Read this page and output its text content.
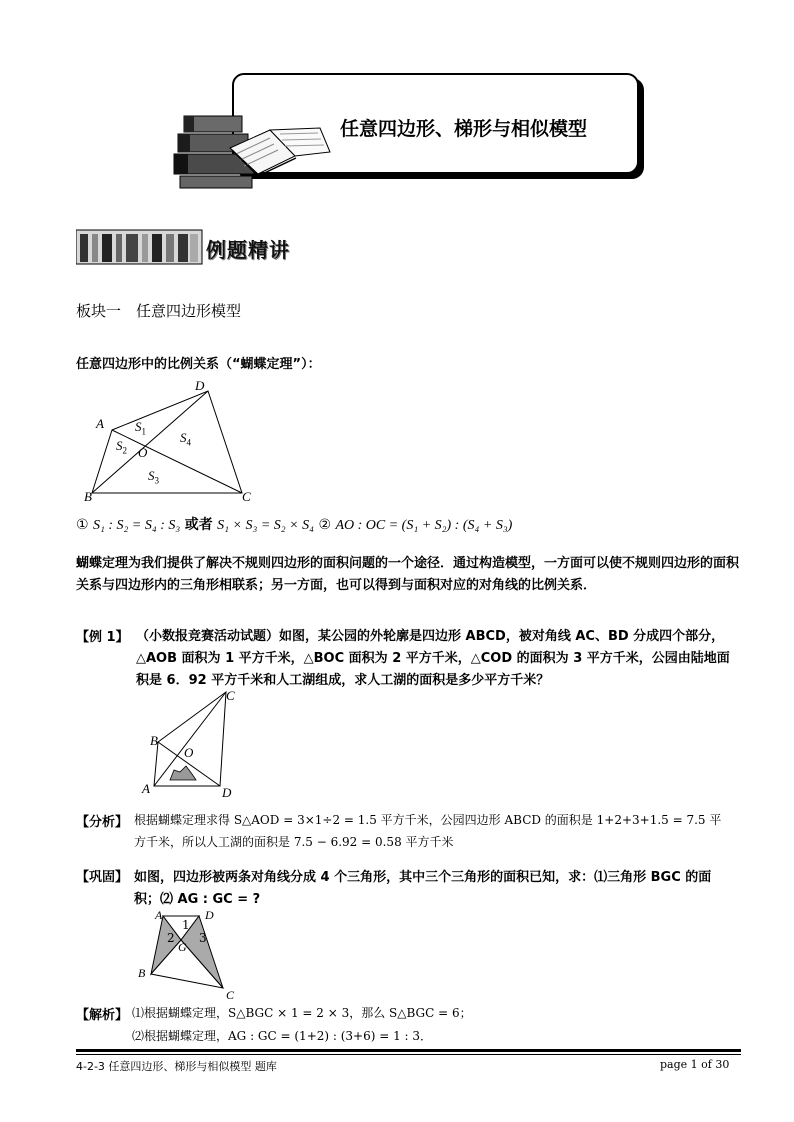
任意四边形、梯形与相似模型
例题精讲
板块一　任意四边形模型
任意四边形中的比例关系（“蝴蝶定理”）：
A
B	C
D
O
$S_1$
$S_2$
$S_3$
$S_4$
① S₁ : S₂ = S₄ : S₃ 或者 S₁ × S₃ = S₂ × S₄ ② AO : OC = (S₁ + S₂) : (S₄ + S₃)
蝴蝶定理为我们提供了解决不规则四边形的面积问题的一个途径．通过构造模型，一方面可以使不规则四边形的面积关系与四边形内的三角形相联系；另一方面，也可以得到与面积对应的对角线的比例关系．
【例 1】 （小数报竞赛活动试题）如图，某公园的外轮廓是四边形 ABCD，被对角线 AC、BD 分成四个部分，△AOB 面积为 1 平方千米，△BOC 面积为 2 平方千米，△COD 的面积为 3 平方千米，公园由陆地面积是 6．92 平方千米和人工湖组成，求人工湖的面积是多少平方千米？
A
B
C
D
O
【分析】 根据蝴蝶定理求得 S△AOD = 3×1÷2 = 1.5 平方千米，公园四边形 ABCD 的面积是 1+2+3+1.5 = 7.5 平
方千米，所以人工湖的面积是 7.5 − 6.92 = 0.58 平方千米
【巩固】 如图，四边形被两条对角线分成 4 个三角形，其中三个三角形的面积已知，求：⑴三角形 BGC 的面
积；⑵ AG : GC = ?
A
B
C
D
G
1
2 3
【解析】 ⑴根据蝴蝶定理，S△BGC × 1 = 2 × 3，那么 S△BGC = 6；
⑵根据蝴蝶定理，AG : GC = (1+2) : (3+6) = 1 : 3．
4-2-3 任意四边形、梯形与相似模型 题库	page 1 of 30
